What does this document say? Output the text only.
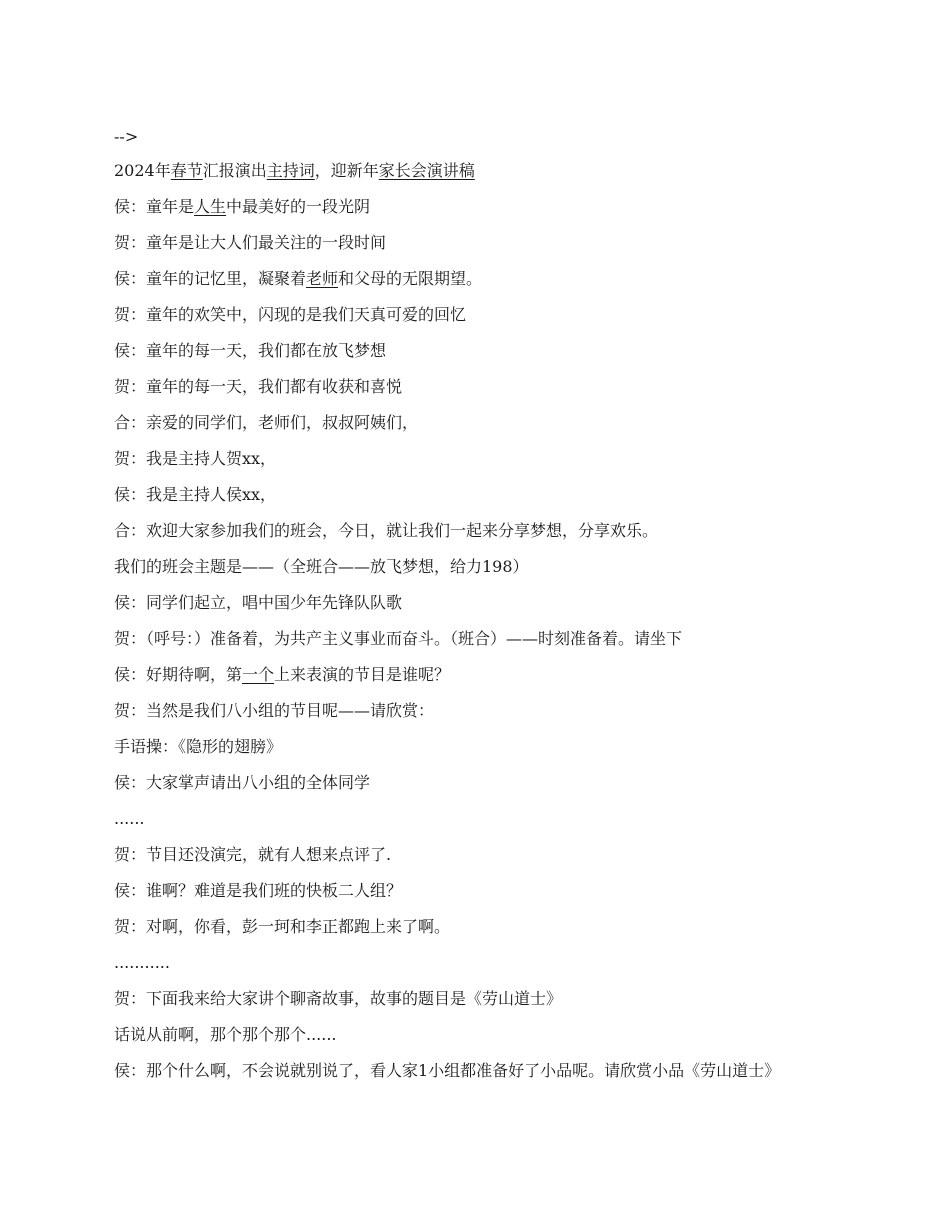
-->

2024年春节汇报演出主持词，迎新年家长会演讲稿

侯：童年是人生中最美好的一段光阴

贺：童年是让大人们最关注的一段时间

侯：童年的记忆里，凝聚着老师和父母的无限期望。

贺：童年的欢笑中，闪现的是我们天真可爱的回忆

侯：童年的每一天，我们都在放飞梦想

贺：童年的每一天，我们都有收获和喜悦

合：亲爱的同学们，老师们，叔叔阿姨们，

贺：我是主持人贺xx，

侯：我是主持人侯xx，

合：欢迎大家参加我们的班会，今日，就让我们一起来分享梦想，分享欢乐。

我们的班会主题是——（全班合——放飞梦想，给力198）

侯：同学们起立，唱中国少年先锋队队歌

贺：（呼号：）准备着，为共产主义事业而奋斗。（班合）——时刻准备着。请坐下

侯：好期待啊，第一个上来表演的节目是谁呢？

贺：当然是我们八小组的节目呢——请欣赏：

手语操：《隐形的翅膀》

侯：大家掌声请出八小组的全体同学

......

贺：节目还没演完，就有人想来点评了.

侯：谁啊？难道是我们班的快板二人组？

贺：对啊，你看，彭一珂和李正都跑上来了啊。

...........

贺：下面我来给大家讲个聊斋故事，故事的题目是《劳山道士》

话说从前啊，那个那个那个......

侯：那个什么啊，不会说就别说了，看人家1小组都准备好了小品呢。请欣赏小品《劳山道士》
